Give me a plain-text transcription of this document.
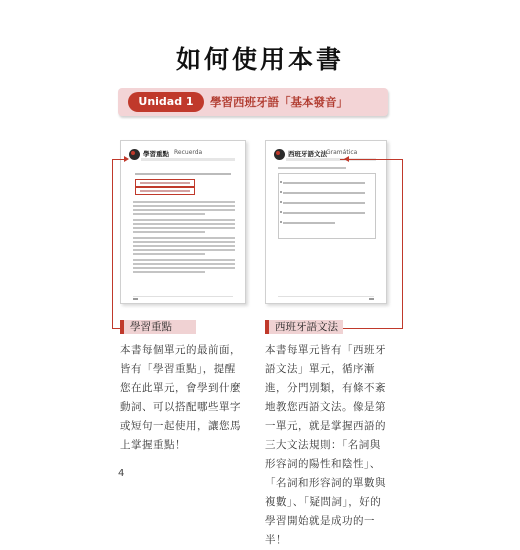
如何使用本書
Unidad 1	學習西班牙語「基本發音」
學習重點 Recuerda	西班牙語文法 Gramática
學習重點	西班牙語文法
本書每個單元的最前面，皆有「學習重點」，提醒您在此單元，會學到什麼動詞、可以搭配哪些單字或短句一起使用，讓您馬上掌握重點！
本書每單元皆有「西班牙語文法」單元，循序漸進，分門別類，有條不紊地教您西語文法。像是第一單元，就是掌握西語的三大文法規則：「名詞與形容詞的陽性和陰性」、「名詞和形容詞的單數與複數」、「疑問詞」，好的學習開始就是成功的一半！
4
